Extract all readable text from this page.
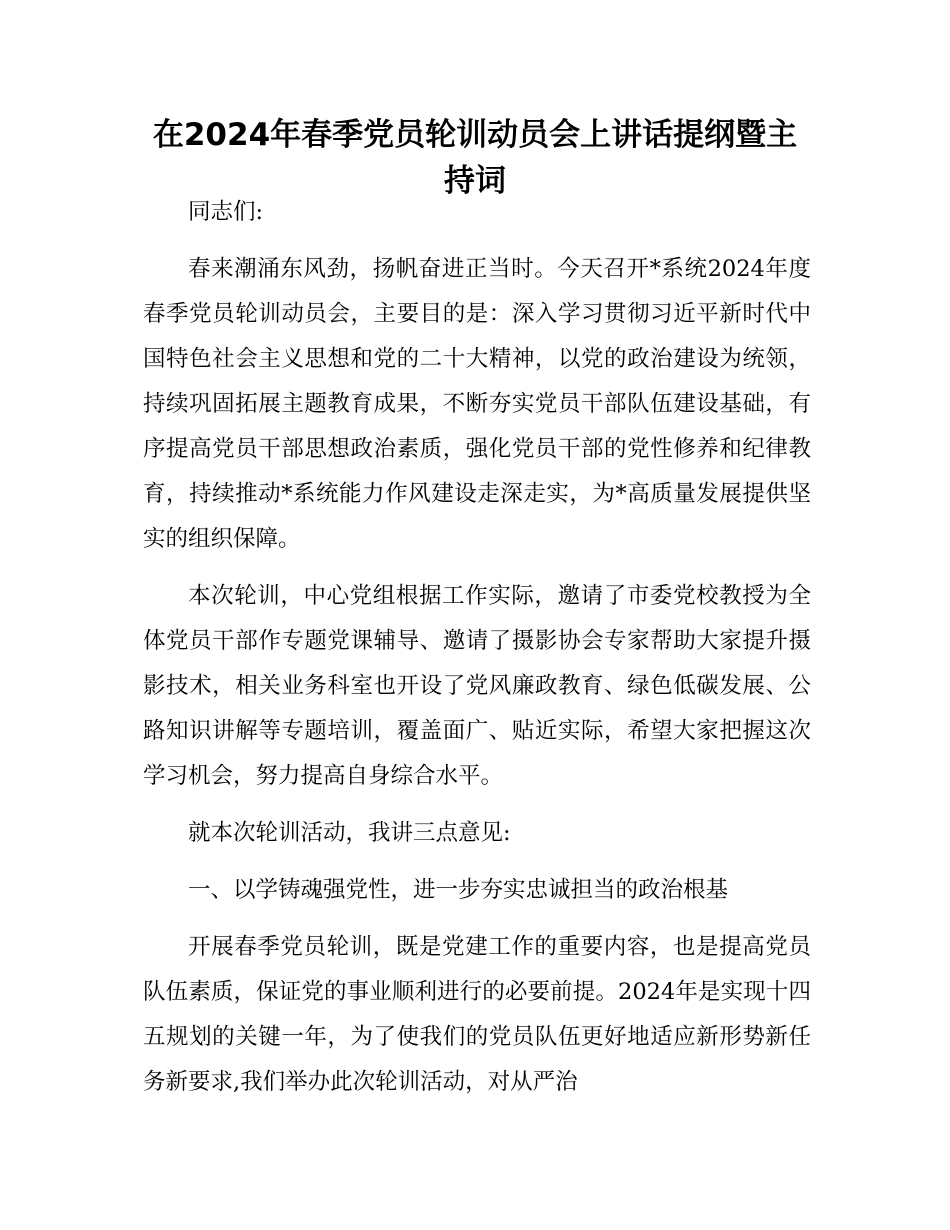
在2024年春季党员轮训动员会上讲话提纲暨主持词

同志们:

春来潮涌东风劲，扬帆奋进正当时。今天召开*系统2024年度春季党员轮训动员会，主要目的是：深入学习贯彻习近平新时代中国特色社会主义思想和党的二十大精神，以党的政治建设为统领，持续巩固拓展主题教育成果，不断夯实党员干部队伍建设基础，有序提高党员干部思想政治素质，强化党员干部的党性修养和纪律教育，持续推动*系统能力作风建设走深走实，为*高质量发展提供坚实的组织保障。

本次轮训，中心党组根据工作实际，邀请了市委党校教授为全体党员干部作专题党课辅导、邀请了摄影协会专家帮助大家提升摄影技术，相关业务科室也开设了党风廉政教育、绿色低碳发展、公路知识讲解等专题培训，覆盖面广、贴近实际，希望大家把握这次学习机会，努力提高自身综合水平。

就本次轮训活动，我讲三点意见:

一、以学铸魂强党性，进一步夯实忠诚担当的政治根基

开展春季党员轮训，既是党建工作的重要内容，也是提高党员队伍素质，保证党的事业顺利进行的必要前提。2024年是实现十四五规划的关键一年，为了使我们的党员队伍更好地适应新形势新任务新要求,我们举办此次轮训活动，对从严治
